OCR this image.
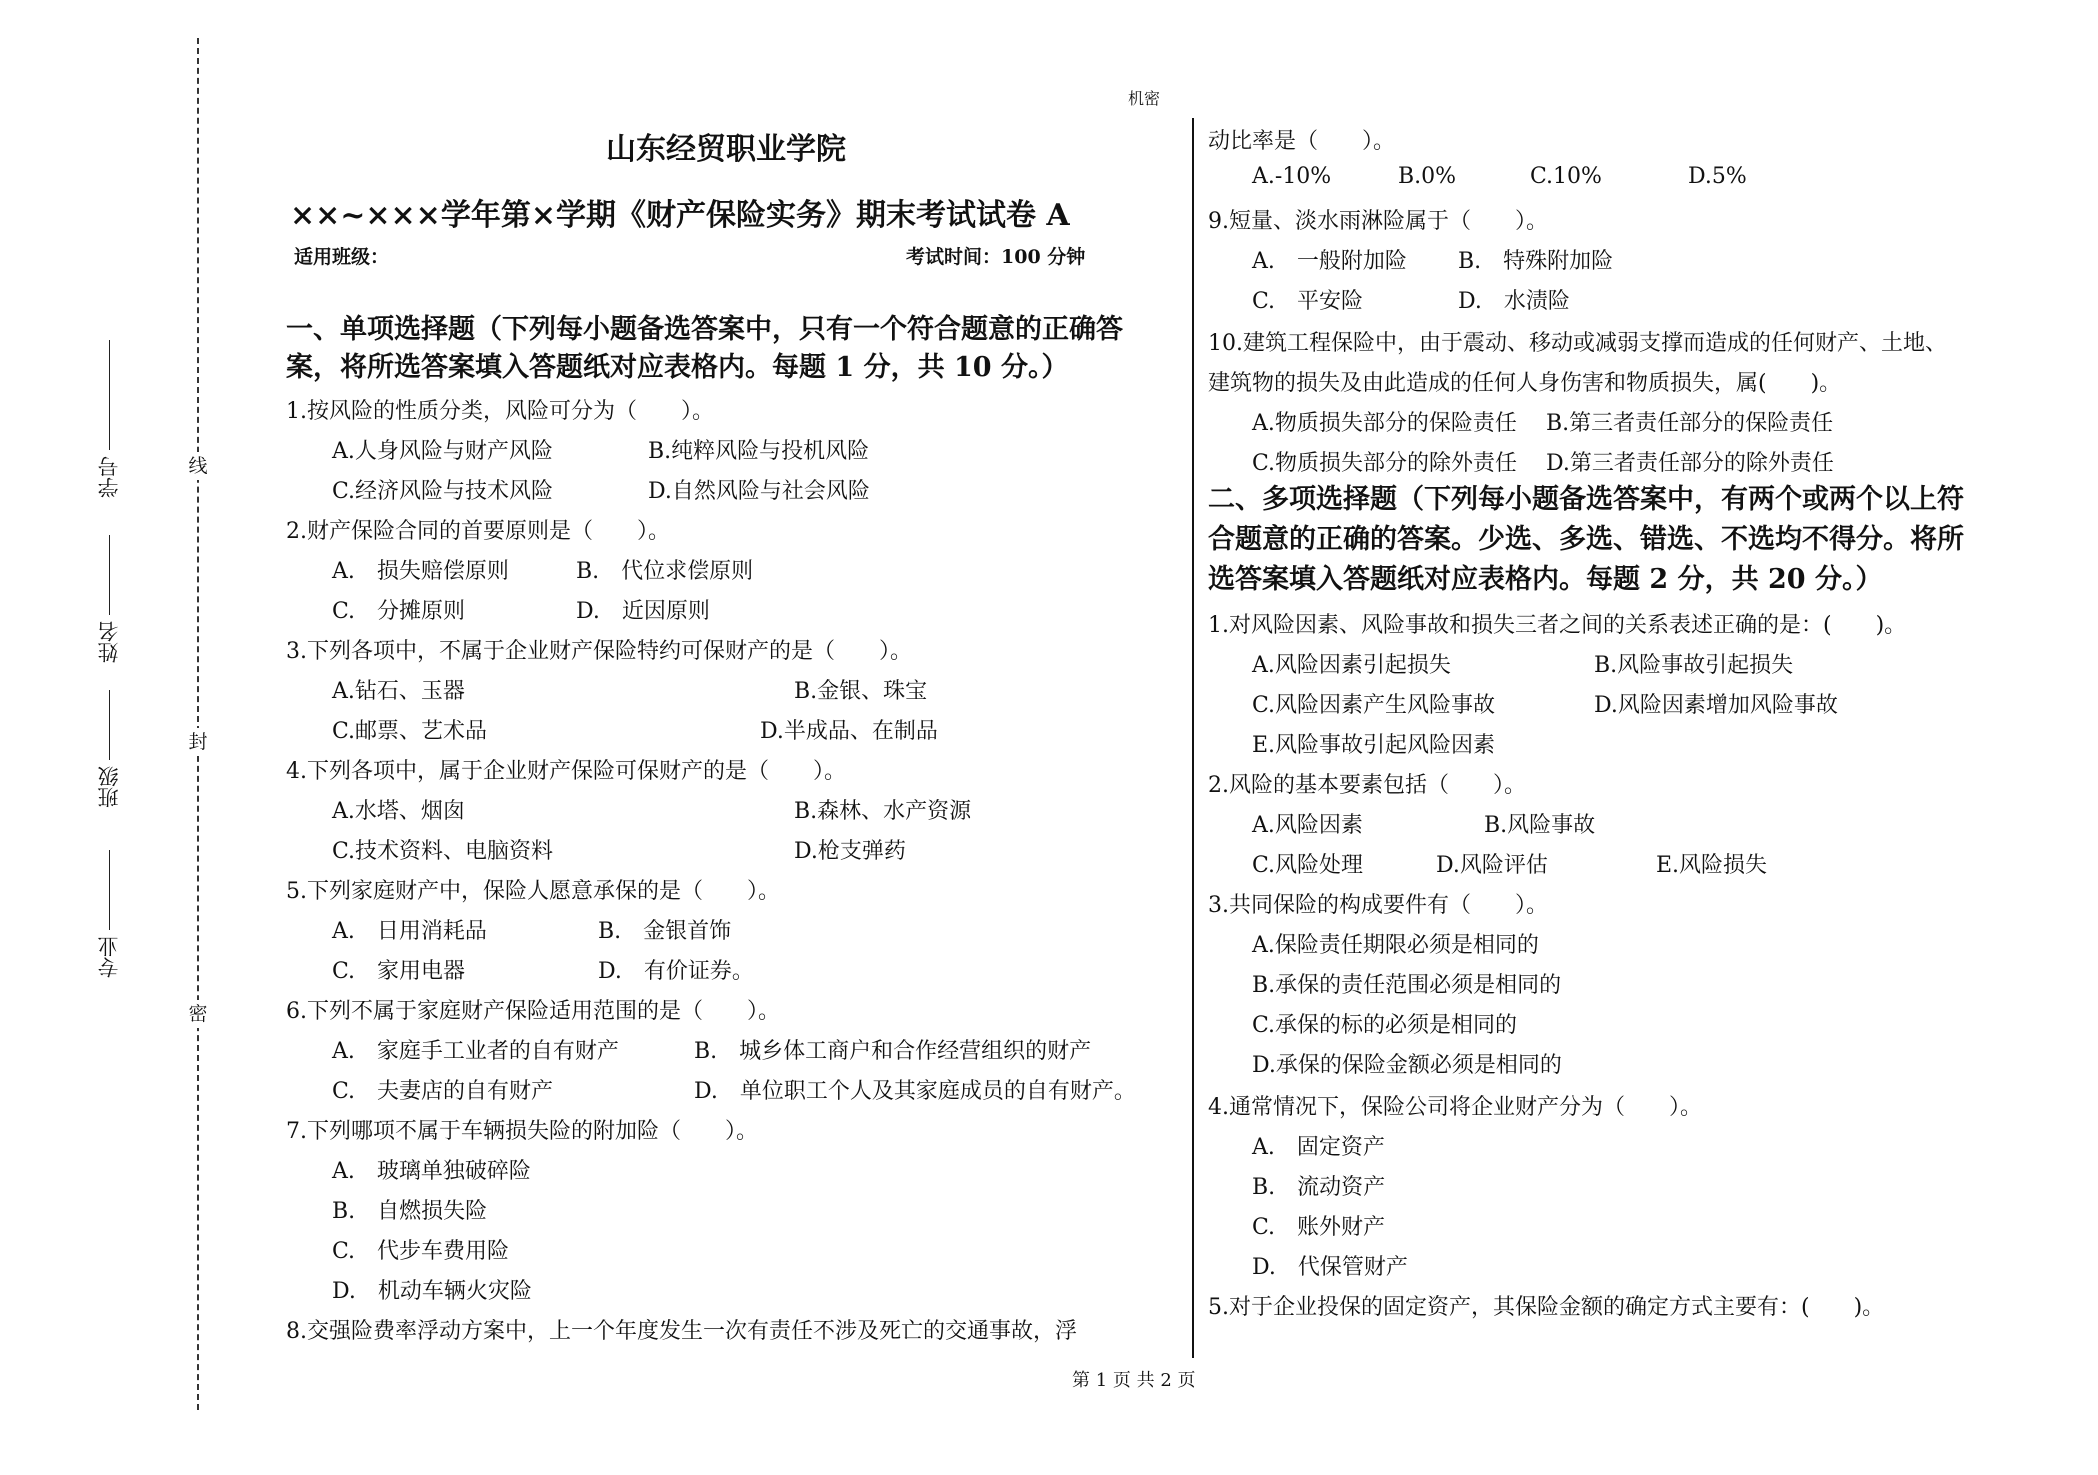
线
封
密
学号
姓名
班级
专业
机密
山东经贸职业学院
××~×××学年第×学期《财产保险实务》期末考试试卷 A
适用班级：	考试时间：100 分钟
一、单项选择题（下列每小题备选答案中，只有一个符合题意的正确答
案，将所选答案填入答题纸对应表格内。每题 1 分，共 10 分。）
1.按风险的性质分类，风险可分为（　　）。
A.人身风险与财产风险	B.纯粹风险与投机风险
C.经济风险与技术风险	D.自然风险与社会风险
2.财产保险合同的首要原则是（　　）。
A.　损失赔偿原则	B.　代位求偿原则
C.　分摊原则	D.　近因原则
3.下列各项中，不属于企业财产保险特约可保财产的是（　　）。
A.钻石、玉器	B.金银、珠宝
C.邮票、艺术品	D.半成品、在制品
4.下列各项中，属于企业财产保险可保财产的是（　　）。
A.水塔、烟囱	B.森林、水产资源
C.技术资料、电脑资料	D.枪支弹药
5.下列家庭财产中，保险人愿意承保的是（　　）。
A.　日用消耗品	B.　金银首饰
C.　家用电器	D.　有价证券。
6.下列不属于家庭财产保险适用范围的是（　　）。
A.　家庭手工业者的自有财产	B.　城乡体工商户和合作经营组织的财产
C.　夫妻店的自有财产	D.　单位职工个人及其家庭成员的自有财产。
7.下列哪项不属于车辆损失险的附加险（　　）。
A.　玻璃单独破碎险
B.　自燃损失险
C.　代步车费用险
D.　机动车辆火灾险
8.交强险费率浮动方案中，上一个年度发生一次有责任不涉及死亡的交通事故，浮
动比率是（　　）。
A.-10%	B.0%	C.10%	D.5%
9.短量、淡水雨淋险属于（　　）。
A.　一般附加险 B.　特殊附加险
C.　平安险	D.　水渍险
10.建筑工程保险中，由于震动、移动或减弱支撑而造成的任何财产、土地、
建筑物的损失及由此造成的任何人身伤害和物质损失，属(　　)。
A.物质损失部分的保险责任 B.第三者责任部分的保险责任
C.物质损失部分的除外责任 D.第三者责任部分的除外责任
二、多项选择题（下列每小题备选答案中，有两个或两个以上符
合题意的正确的答案。少选、多选、错选、不选均不得分。将所
选答案填入答题纸对应表格内。每题 2 分，共 20 分。）
1.对风险因素、风险事故和损失三者之间的关系表述正确的是：(　　)。
A.风险因素引起损失	B.风险事故引起损失
C.风险因素产生风险事故	D.风险因素增加风险事故
E.风险事故引起风险因素
2.风险的基本要素包括（　　）。
A.风险因素	B.风险事故
C.风险处理	D.风险评估	E.风险损失
3.共同保险的构成要件有（　　）。
A.保险责任期限必须是相同的
B.承保的责任范围必须是相同的
C.承保的标的必须是相同的
D.承保的保险金额必须是相同的
4.通常情况下，保险公司将企业财产分为（　　）。
A.　固定资产
B.　流动资产
C.　账外财产
D.　代保管财产
5.对于企业投保的固定资产，其保险金额的确定方式主要有：(　　)。
第 1 页 共 2 页
